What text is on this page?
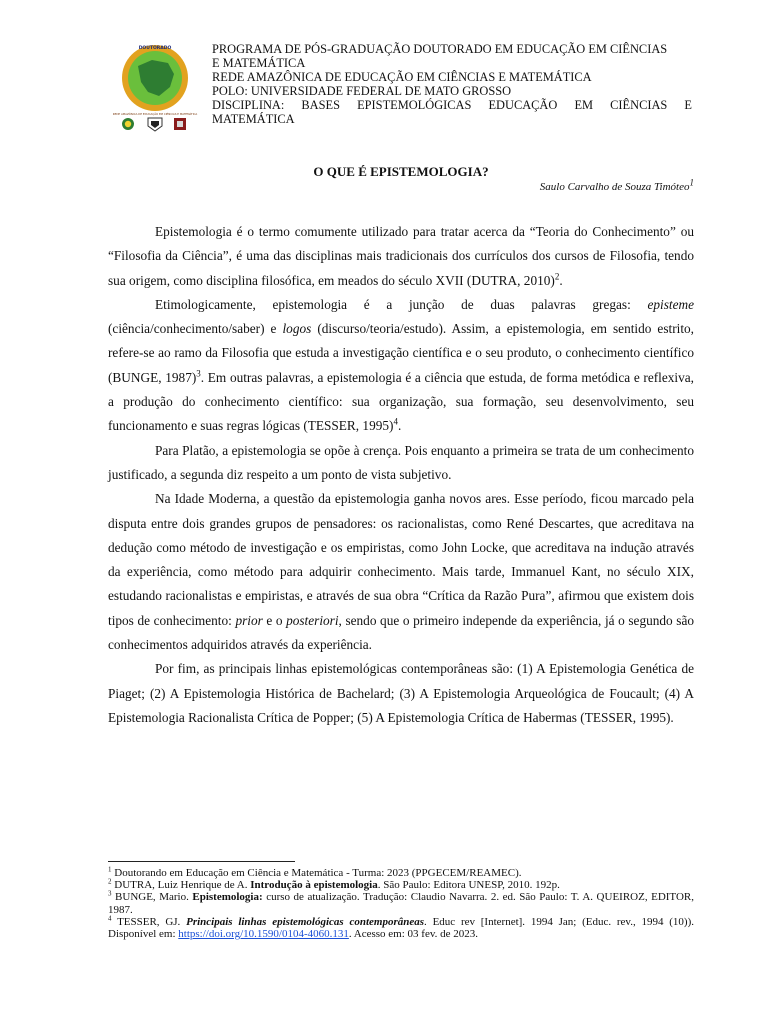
DOUTORADO
REDE AMAZÔNICA DE EDUCAÇÃO EM CIÊNCIAS E MATEMÁTICA
PROGRAMA DE PÓS-GRADUAÇÃO DOUTORADO EM EDUCAÇÃO EM CIÊNCIAS
E MATEMÁTICA
REDE AMAZÔNICA DE EDUCAÇÃO EM CIÊNCIAS E MATEMÁTICA
POLO: UNIVERSIDADE FEDERAL DE MATO GROSSO
DISCIPLINA: BASES EPISTEMOLÓGICAS EDUCAÇÃO EM CIÊNCIAS E MATEMÁTICA
O QUE É EPISTEMOLOGIA?
Saulo Carvalho de Souza Timóteo$^1$

Epistemologia é o termo comumente utilizado para tratar acerca da “Teoria do Conhecimento” ou “Filosofia da Ciência”, é uma das disciplinas mais tradicionais dos currículos dos cursos de Filosofia, tendo sua origem, como disciplina filosófica, em meados do século XVII (DUTRA, 2010)$^2$.

Etimologicamente, epistemologia é a junção de duas palavras gregas: episteme (ciência/conhecimento/saber) e logos (discurso/teoria/estudo). Assim, a epistemologia, em sentido estrito, refere-se ao ramo da Filosofia que estuda a investigação científica e o seu produto, o conhecimento científico (BUNGE, 1987)$^3$. Em outras palavras, a epistemologia é a ciência que estuda, de forma metódica e reflexiva, a produção do conhecimento científico: sua organização, sua formação, seu desenvolvimento, seu funcionamento e suas regras lógicas (TESSER, 1995)$^4$.

Para Platão, a epistemologia se opõe à crença. Pois enquanto a primeira se trata de um conhecimento justificado, a segunda diz respeito a um ponto de vista subjetivo.

Na Idade Moderna, a questão da epistemologia ganha novos ares. Esse período, ficou marcado pela disputa entre dois grandes grupos de pensadores: os racionalistas, como René Descartes, que acreditava na dedução como método de investigação e os empiristas, como John Locke, que acreditava na indução através da experiência, como método para adquirir conhecimento. Mais tarde, Immanuel Kant, no século XIX, estudando racionalistas e empiristas, e através de sua obra “Crítica da Razão Pura”, afirmou que existem dois tipos de conhecimento: prior e o posteriori, sendo que o primeiro independe da experiência, já o segundo são conhecimentos adquiridos através da experiência.

Por fim, as principais linhas epistemológicas contemporâneas são: (1) A Epistemologia Genética de Piaget; (2) A Epistemologia Histórica de Bachelard; (3) A Epistemologia Arqueológica de Foucault; (4) A Epistemologia Racionalista Crítica de Popper; (5) A Epistemologia Crítica de Habermas (TESSER, 1995).

$^1$ Doutorando em Educação em Ciência e Matemática - Turma: 2023 (PPGECEM/REAMEC).

$^2$ DUTRA, Luiz Henrique de A. Introdução à epistemologia. São Paulo: Editora UNESP, 2010. 192p.

$^3$ BUNGE, Mario. Epistemologia: curso de atualização. Tradução: Claudio Navarra. 2. ed. São Paulo: T. A. QUEIROZ, EDITOR, 1987.

$^4$ TESSER, GJ. Principais linhas epistemológicas contemporâneas. Educ rev [Internet]. 1994 Jan; (Educ. rev., 1994 (10)). Disponível em: https://doi.org/10.1590/0104-4060.131. Acesso em: 03 fev. de 2023.
